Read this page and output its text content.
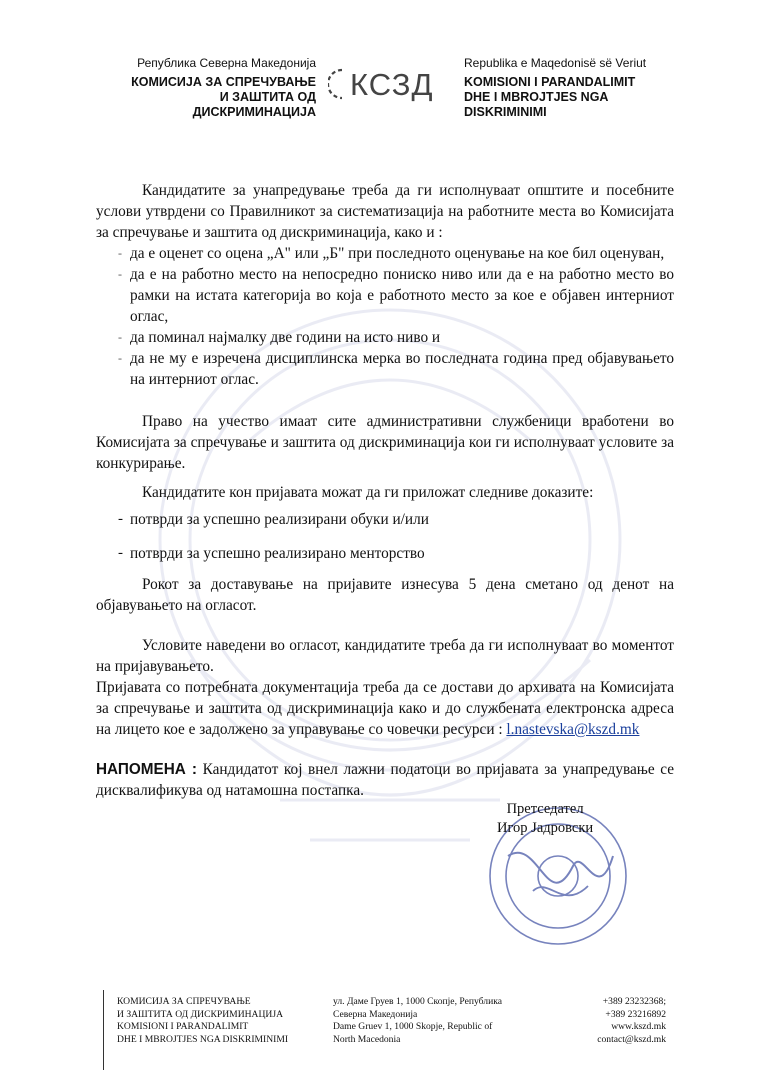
Република Северна Македонија
КОМИСИЈА ЗА СПРЕЧУВАЊЕ
И ЗАШТИТА ОД ДИСКРИМИНАЦИЈА
КСЗД
Republika e Maqedonisë së Veriut
KOMISIONI I PARANDALIMIT
DHE I MBROJTJES NGA DISKRIMINIMI

Кандидатите за унапредување треба да ги исполнуваат општите и посебните услови утврдени со Правилникот за систематизација на работните места во Комисијата за спречување и заштита од дискриминација, како и :

- да е оценет со оцена „А" или „Б" при последното оценување на кое бил оценуван,
- да е на работно место на непосредно пониско ниво или да е на работно место во рамки на истата категорија во која е работното место за кое е објавен интерниот оглас,
- да поминал најмалку две години на исто ниво и
- да не му е изречена дисциплинска мерка во последната година пред објавувањето на интерниот оглас.

Право на учество имаат сите административни службеници вработени во Комисијата за спречување и заштита од дискриминација кои ги исполнуваат условите за конкурирање.

Кандидатите кон пријавата можат да ги приложат следниве доказите:

- потврди за успешно реализирани обуки и/или
- потврди за успешно реализирано менторство

Рокот за доставување на пријавите изнесува 5 дена сметано од денот на објавувањето на огласот.

Условите наведени во огласот, кандидатите треба да ги исполнуваат во моментот на пријавувањето.

Пријавата со потребната документација треба да се достави до архивата на Комисијата за спречување и заштита од дискриминација како и до службената електронска адреса на лицето кое е задолжено за управување со човечки ресурси : l.nastevska@kszd.mk

НАПОМЕНА : Кандидатот кој внел лажни податоци во пријавата за унапредување се дисквалификува од натамошна постапка.

Претседател
Игор Јадровски
КОМИСИЈА ЗА СПРЕЧУВАЊЕ
И ЗАШТИТА ОД ДИСКРИМИНАЦИЈА
KOMISIONI I PARANDALIMIT
DHE I MBROJTJES NGA DISKRIMINIMI
ул. Даме Груев 1, 1000 Скопје, Република
Северна Македонија
Dame Gruev 1, 1000 Skopje, Republic of
North Macedonia
+389 23232368;
+389 23216892
www.kszd.mk
contact@kszd.mk
